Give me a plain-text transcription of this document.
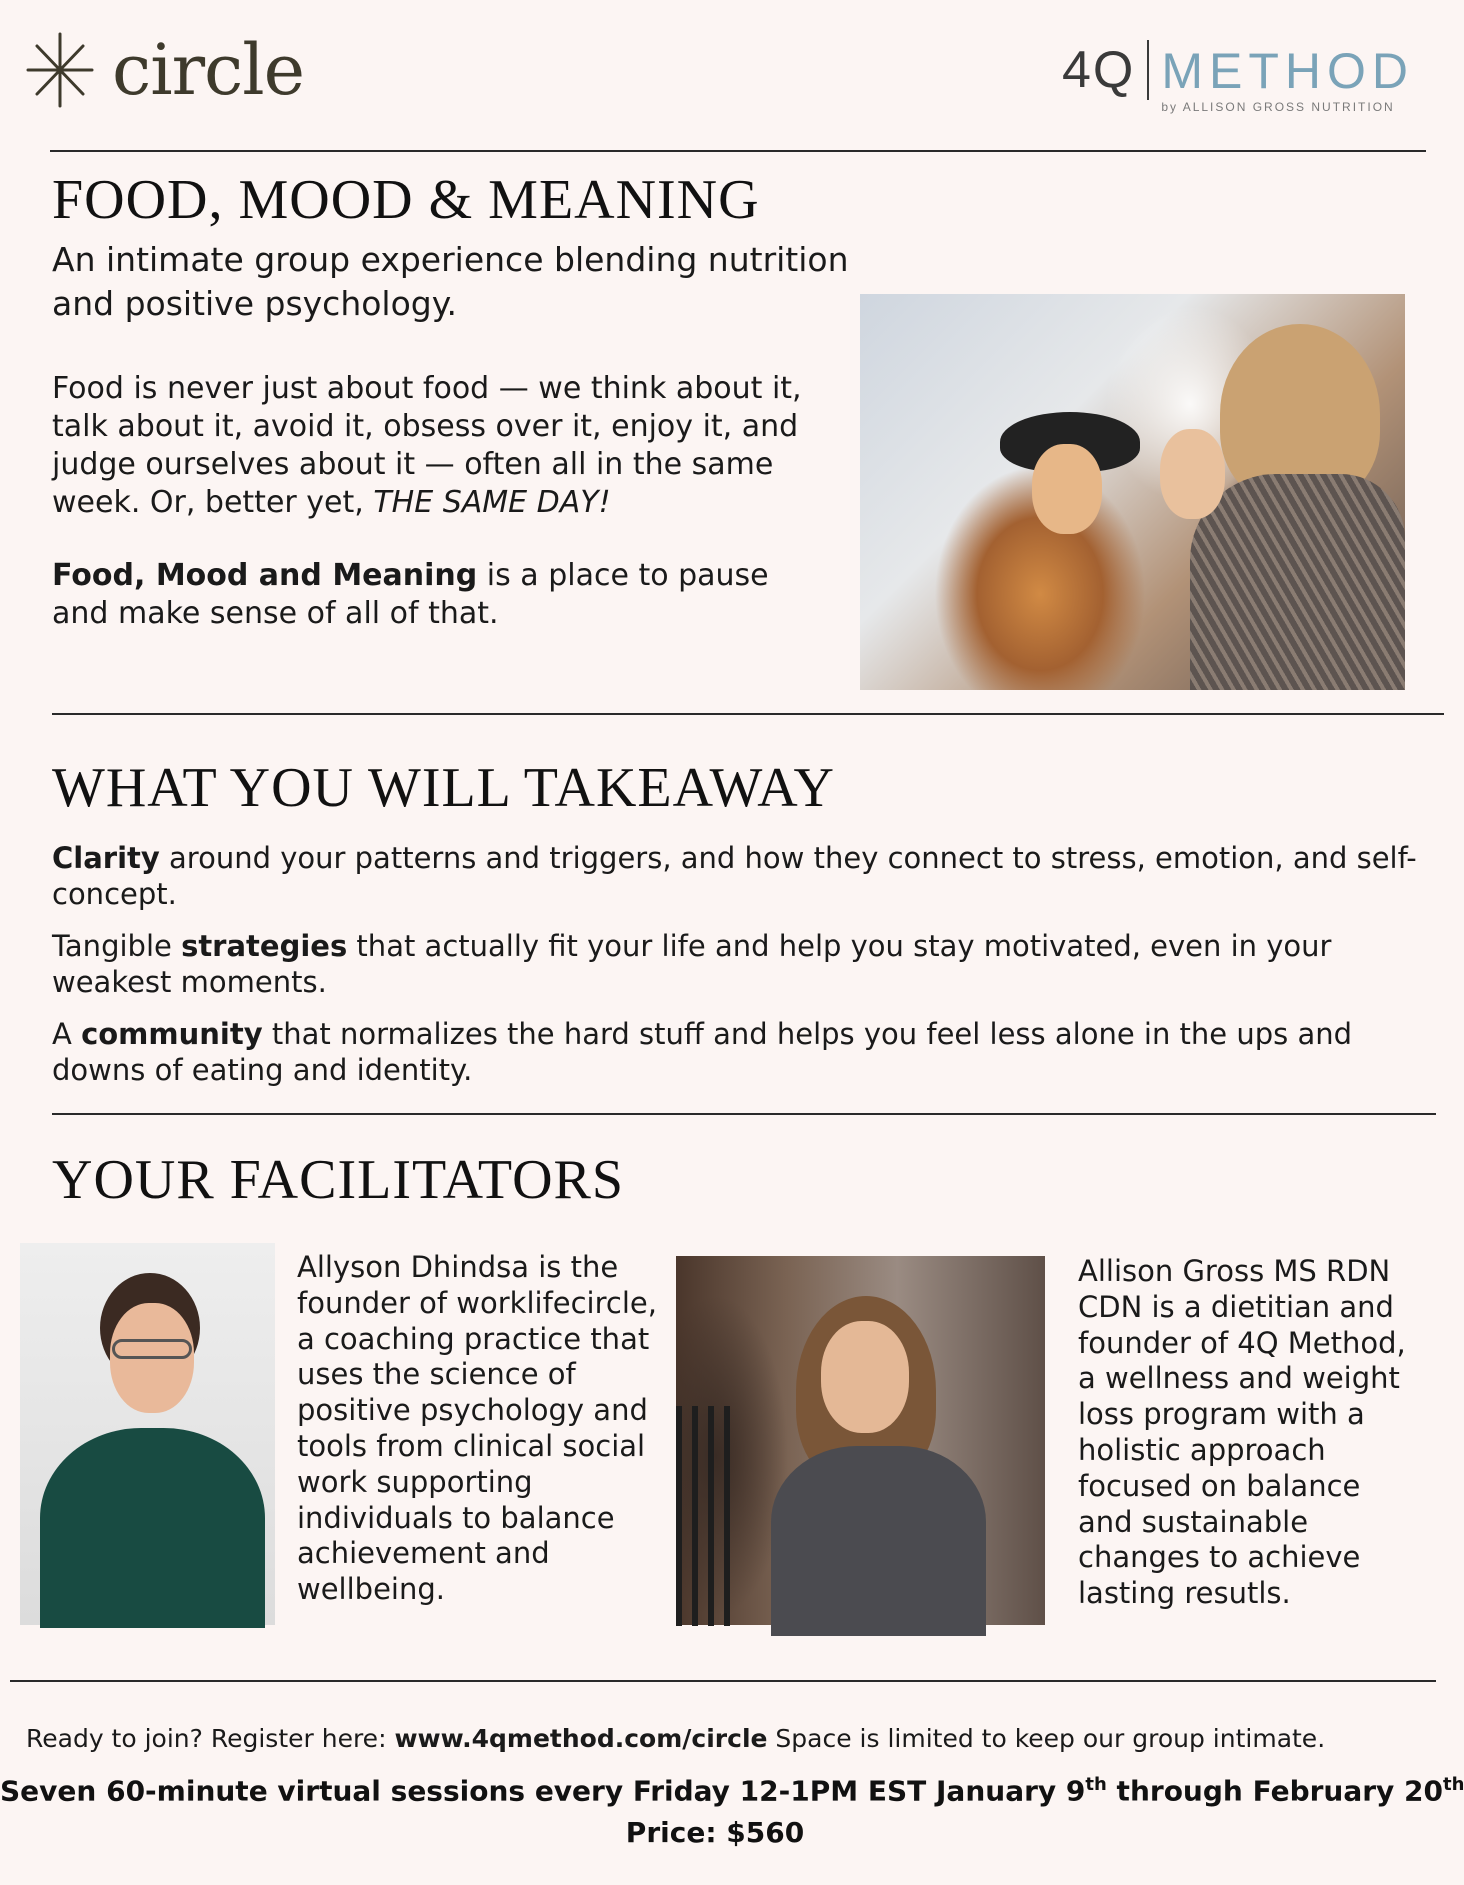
circle	4Q METHOD
by ALLISON GROSS NUTRITION
FOOD, MOOD & MEANING
An intimate group experience blending nutrition and positive psychology.
Food is never just about food — we think about it, talk about it, avoid it, obsess over it, enjoy it, and judge ourselves about it — often all in the same week. Or, better yet, THE SAME DAY!
Food, Mood and Meaning is a place to pause and make sense of all of that.
WHAT YOU WILL TAKEAWAY
Clarity around your patterns and triggers, and how they connect to stress, emotion, and self-concept.
Tangible strategies that actually fit your life and help you stay motivated, even in your weakest moments.
A community that normalizes the hard stuff and helps you feel less alone in the ups and downs of eating and identity.
YOUR FACILITATORS
Allyson Dhindsa is the founder of worklifecircle, a coaching practice that uses the science of positive psychology and tools from clinical social work supporting individuals to balance achievement and wellbeing.
Allison Gross MS RDN CDN is a dietitian and founder of 4Q Method, a wellness and weight loss program with a holistic approach focused on balance and sustainable changes to achieve lasting resutls.
Ready to join? Register here: www.4qmethod.com/circle Space is limited to keep our group intimate.
Seven 60-minute virtual sessions every Friday 12-1PM EST January 9th through February 20th
Price: $560
